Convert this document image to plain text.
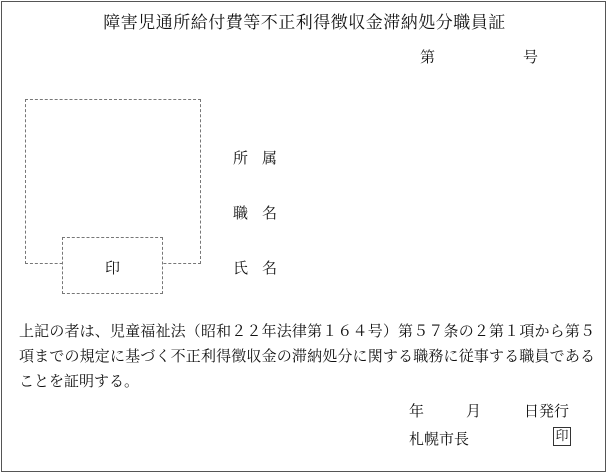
障害児通所給付費等不正利得徴収金滞納処分職員証
第	号
印
所属
職名
氏名
上記の者は、児童福祉法（昭和２２年法律第１６４号）第５７条の２第１項から第５項までの規定に基づく不正利得徴収金の滞納処分に関する職務に従事する職員であることを証明する。
年	月	日発行
札幌市長	印
